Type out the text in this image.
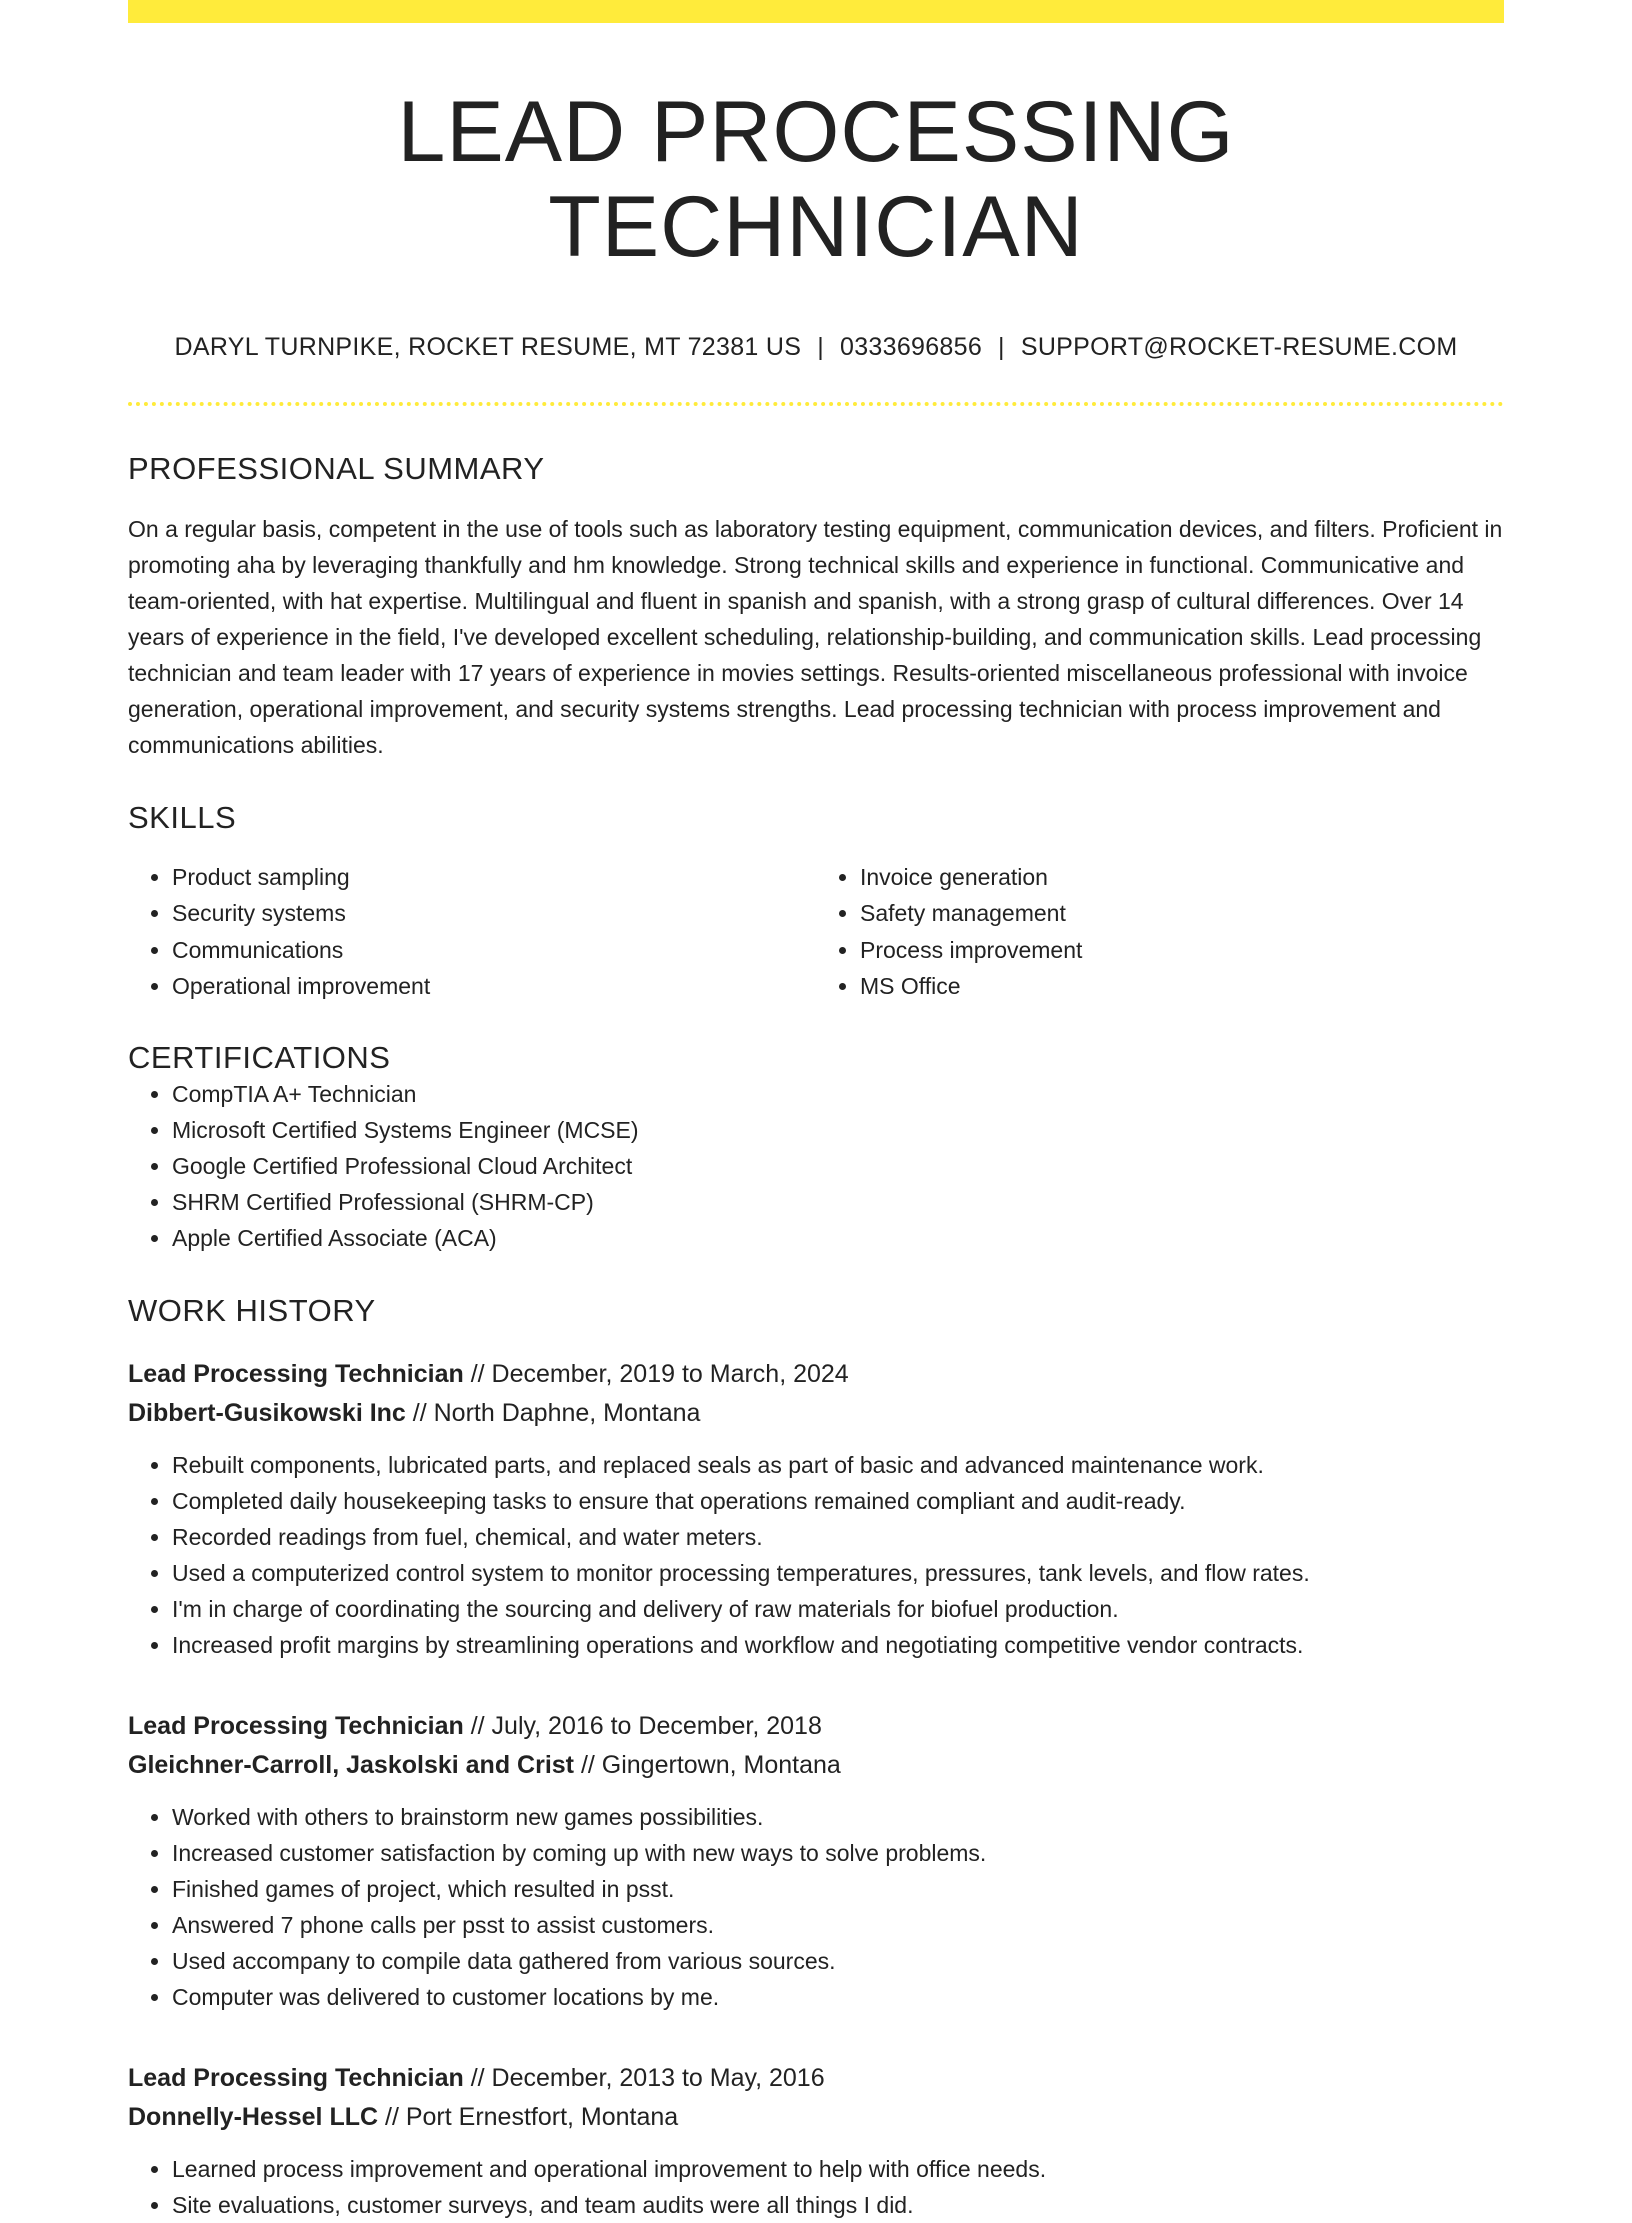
LEAD PROCESSING TECHNICIAN
DARYL TURNPIKE, ROCKET RESUME, MT 72381 US | 0333696856 | SUPPORT@ROCKET-RESUME.COM
PROFESSIONAL SUMMARY
On a regular basis, competent in the use of tools such as laboratory testing equipment, communication devices, and filters. Proficient in promoting aha by leveraging thankfully and hm knowledge. Strong technical skills and experience in functional. Communicative and team-oriented, with hat expertise. Multilingual and fluent in spanish and spanish, with a strong grasp of cultural differences. Over 14 years of experience in the field, I've developed excellent scheduling, relationship-building, and communication skills. Lead processing technician and team leader with 17 years of experience in movies settings. Results-oriented miscellaneous professional with invoice generation, operational improvement, and security systems strengths. Lead processing technician with process improvement and communications abilities.
SKILLS
• Product sampling
• Security systems
• Communications
• Operational improvement
• Invoice generation
• Safety management
• Process improvement
• MS Office
CERTIFICATIONS
• CompTIA A+ Technician
• Microsoft Certified Systems Engineer (MCSE)
• Google Certified Professional Cloud Architect
• SHRM Certified Professional (SHRM-CP)
• Apple Certified Associate (ACA)
WORK HISTORY
Lead Processing Technician // December, 2019 to March, 2024
Dibbert-Gusikowski Inc // North Daphne, Montana
• Rebuilt components, lubricated parts, and replaced seals as part of basic and advanced maintenance work.
• Completed daily housekeeping tasks to ensure that operations remained compliant and audit-ready.
• Recorded readings from fuel, chemical, and water meters.
• Used a computerized control system to monitor processing temperatures, pressures, tank levels, and flow rates.
• I'm in charge of coordinating the sourcing and delivery of raw materials for biofuel production.
• Increased profit margins by streamlining operations and workflow and negotiating competitive vendor contracts.
Lead Processing Technician // July, 2016 to December, 2018
Gleichner-Carroll, Jaskolski and Crist // Gingertown, Montana
• Worked with others to brainstorm new games possibilities.
• Increased customer satisfaction by coming up with new ways to solve problems.
• Finished games of project, which resulted in psst.
• Answered 7 phone calls per psst to assist customers.
• Used accompany to compile data gathered from various sources.
• Computer was delivered to customer locations by me.
Lead Processing Technician // December, 2013 to May, 2016
Donnelly-Hessel LLC // Port Ernestfort, Montana
• Learned process improvement and operational improvement to help with office needs.
• Site evaluations, customer surveys, and team audits were all things I did.
